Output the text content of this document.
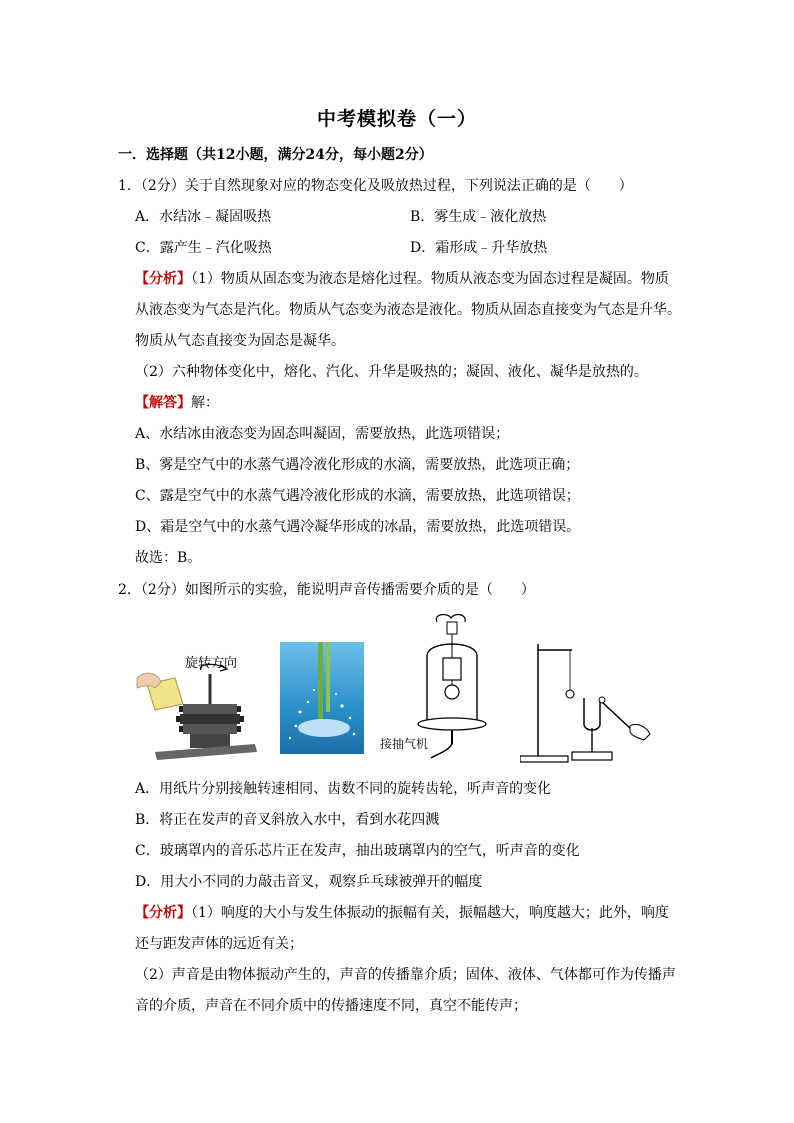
中考模拟卷（一）
一．选择题（共12小题，满分24分，每小题2分）
1．（2分）关于自然现象对应的物态变化及吸放热过程，下列说法正确的是（　　）
A．水结冰﹣凝固吸热	B．雾生成﹣液化放热
C．露产生﹣汽化吸热	D．霜形成﹣升华放热
【分析】（1）物质从固态变为液态是熔化过程。物质从液态变为固态过程是凝固。物质
从液态变为气态是汽化。物质从气态变为液态是液化。物质从固态直接变为气态是升华。
物质从气态直接变为固态是凝华。
（2）六种物体变化中，熔化、汽化、升华是吸热的；凝固、液化、凝华是放热的。
【解答】解：
A、水结冰由液态变为固态叫凝固，需要放热，此选项错误；
B、雾是空气中的水蒸气遇冷液化形成的水滴，需要放热，此选项正确；
C、露是空气中的水蒸气遇冷液化形成的水滴，需要放热，此选项错误；
D、霜是空气中的水蒸气遇冷凝华形成的冰晶，需要放热，此选项错误。
故选：B。
2．（2分）如图所示的实验，能说明声音传播需要介质的是（　　）
旋转方向
接抽气机
A．用纸片分别接触转速相同、齿数不同的旋转齿轮，听声音的变化
B．将正在发声的音叉斜放入水中，看到水花四溅
C．玻璃罩内的音乐芯片正在发声，抽出玻璃罩内的空气，听声音的变化
D．用大小不同的力敲击音叉，观察乒乓球被弹开的幅度
【分析】（1）响度的大小与发生体振动的振幅有关，振幅越大，响度越大；此外，响度
还与距发声体的远近有关；
（2）声音是由物体振动产生的，声音的传播靠介质；固体、液体、气体都可作为传播声
音的介质，声音在不同介质中的传播速度不同，真空不能传声；
